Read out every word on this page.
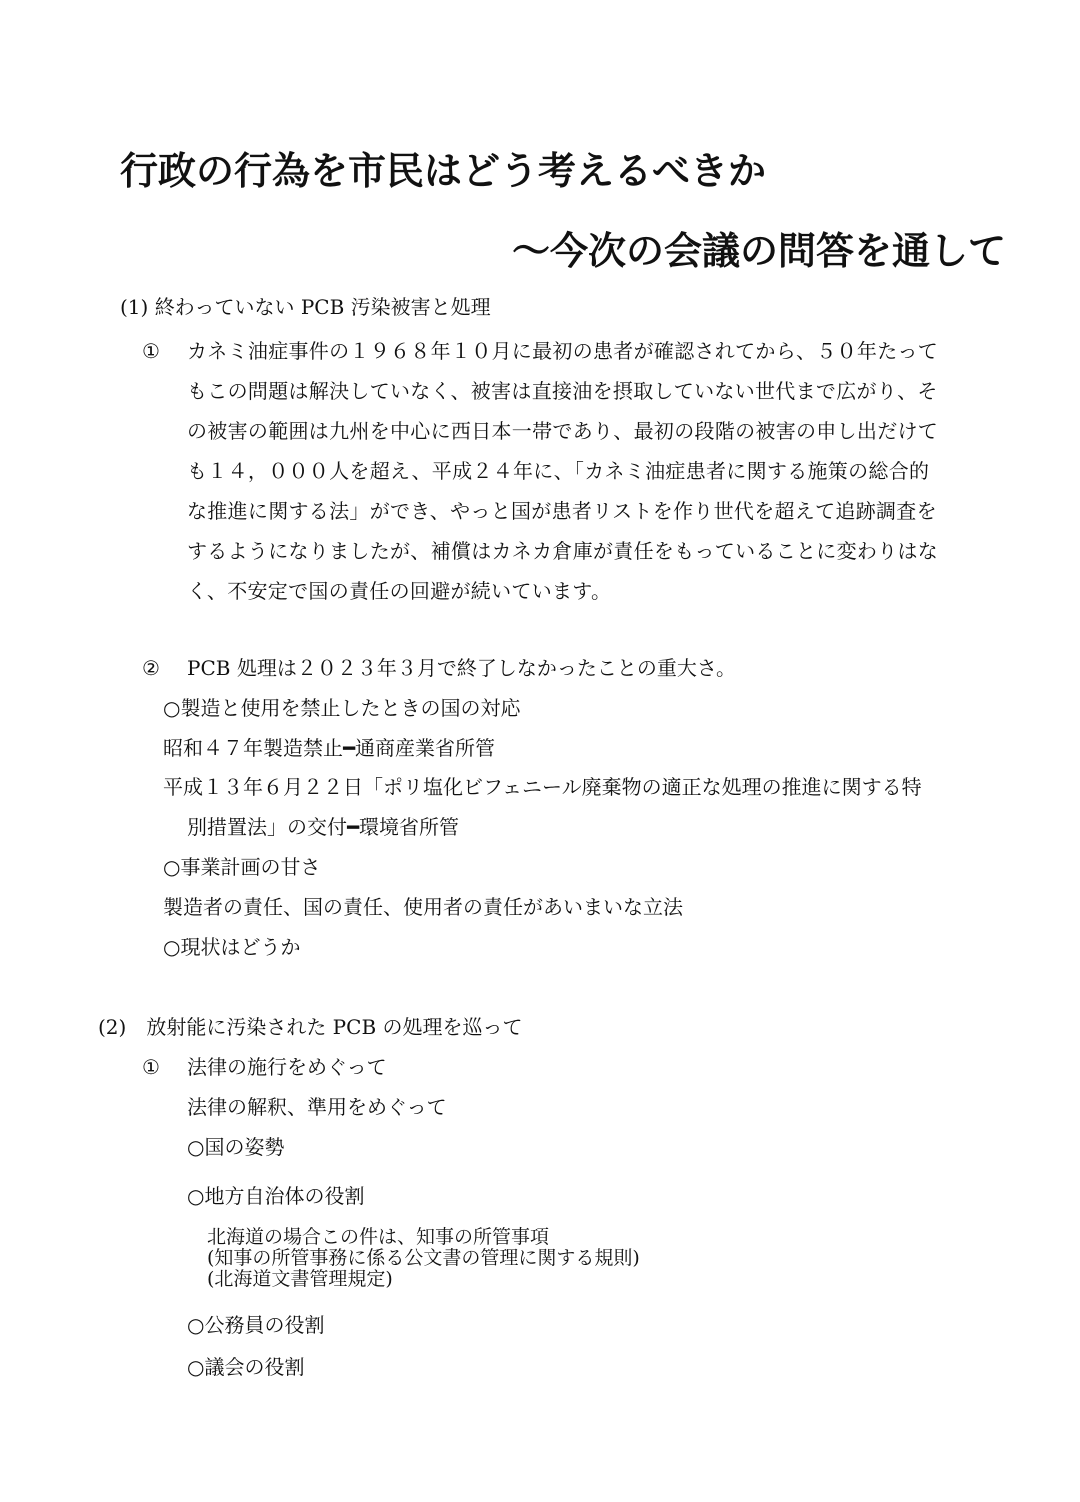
行政の行為を市民はどう考えるべきか
～今次の会議の問答を通して
(1) 終わっていない PCB 汚染被害と処理
① カネミ油症事件の１９６８年１０月に最初の患者が確認されてから、５０年たって
もこの問題は解決していなく、被害は直接油を摂取していない世代まで広がり、そ
の被害の範囲は九州を中心に西日本一帯であり、最初の段階の被害の申し出だけて
も１４，０００人を超え、平成２４年に、「カネミ油症患者に関する施策の総合的
な推進に関する法」ができ、やっと国が患者リストを作り世代を超えて追跡調査を
するようになりましたが、補償はカネカ倉庫が責任をもっていることに変わりはな
く、不安定で国の責任の回避が続いています。
② PCB 処理は２０２３年３月で終了しなかったことの重大さ。
○製造と使用を禁止したときの国の対応
昭和４７年製造禁止━通商産業省所管
平成１３年６月２２日「ポリ塩化ビフェニール廃棄物の適正な処理の推進に関する特
別措置法」の交付━環境省所管
○事業計画の甘さ
製造者の責任、国の責任、使用者の責任があいまいな立法
○現状はどうか
(2)　放射能に汚染された PCB の処理を巡って
① 法律の施行をめぐって
法律の解釈、準用をめぐって
○国の姿勢
○地方自治体の役割
北海道の場合この件は、知事の所管事項
(知事の所管事務に係る公文書の管理に関する規則)
(北海道文書管理規定)
○公務員の役割
○議会の役割
